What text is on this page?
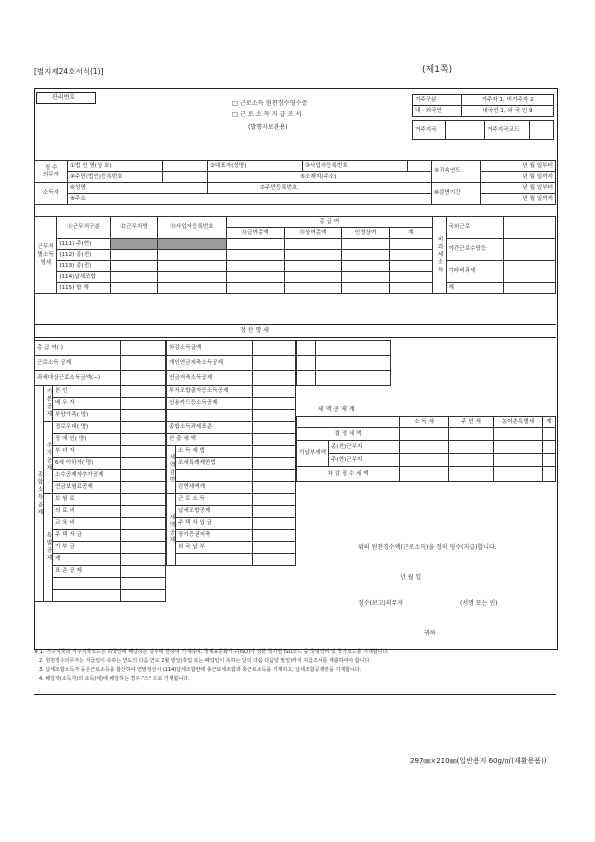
[별지제24호서식(1)]	(제1쪽)
관리번호
□ 근로소득 원천징수영수증
□ 근 로 소 득 지 급 조 서
(발행자보관용)
거주구분	거주자 1, 비거주자 2
내 · 외국인	내국인 1, 외 국 인 9
거주지국		거주지국코드	
징 수
의무자	①법 인 명(상 호)		②대표자(성명)	③사업자등록번호		⑨귀속연도	년 월 일부터
	④주민(법인)등록번호		⑤소재지(주소)				년 월 일까지
소득자	⑥성명		⑦주민등록번호			⑩감면기간	년 월 일부터
	⑧주소						년 월 일까지
근무처
별소득
명세	⑪근무처구분	⑫근무처명	⑬사업자등록번호	총 급 여				비과세소득	국외근로	
				⑭급여총액	⑮상여총액	인정상여	계			
	(111) 주(현)								야간근로수당등	
	(112) 종(전)									
	(113) 종(전)								기타비과세	
	(114)납세조합									
	(115) 합 계								계	
정 산 명 세
총 급 여( )			
근로소득 공제			
과세대상근로소득금액(−)			
종합소득공제	기본공제	본 인	
		배 우 자	
		부양가족( 명)	
	추가공제	경로우대( 명)	
		장 애 인( 명)	
		부 녀 자	
		6세 이하자( 명)	
		소수공제자추가공제	
		연금보험료공제	
	특별공제	보 험 료	
		의 료 비	
		교 육 비	
		주 택 자 금	
		기 부 금	
		계	
		표 준 공 제	

차감소득금액		
개인연금저축소득공제		
연금저축소득공제		
투자조합출자등소득공제		
신용카드등소득공제		

종합소득과세표준		
산 출 세 액		
세액감면	소 득 세 법	
	조세특례제한법	

	감면세액계	
세액공제	근 로 소 득	
	납세조합공제	
	주 택 차 입 금	
	장기증권저축	
	외 국 납 부	

세 액 공 제 계
		소 득 세	주 민 세	농어촌특별세	계
결 정 세 액					
기납부세액	종(전)근무지				
	주(현)근무지				
차 감 징 수 세 액					
위의 원천징수액(근로소득)을 정히 영수(지급)합니다.
년 월 일
징수(보고)의무자	(서명 또는 인)
귀하

※ 1. 거주지국과 거주지국코드는 외국인에 해당하는 경우에 한하여 기재하며, 국제표준화기구(ISO)가 정한 국가별 ISO코드 중 국명약어 및 국가코드를 기재합니다.

2. 원천징수의무자는 지급일이 속하는 연도의 다음 연도 2월 말일(휴업 또는 폐업일이 속하는 달의 다음 다음달 말일)까지 지급조서를 제출하여야 합니다.

3. 납세조합소득자 등은근로소득을 합산하여 연말정산시 (114)납세조합란에 총근로세조합과 총근로소득을 기재하고, 납세조합공제란을 기재합니다.

4. 해당자(소득자)의 소득(세)에 해당하는 경우 "스" 으로 기재합니다.

297㎜×210㎜(일반용지 60g/㎡(재활용품))
